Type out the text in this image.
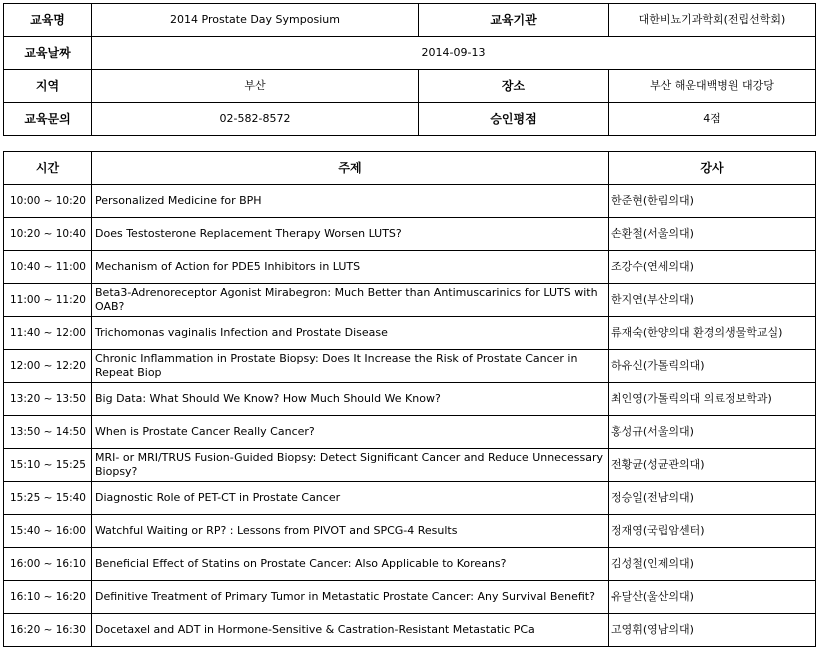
교육명	2014 Prostate Day Symposium	교육기관	대한비뇨기과학회(전립선학회)
교육날짜	2014-09-13		
지역	부산	장소	부산 해운대백병원 대강당
교육문의	02-582-8572	승인평점	4점
시간	주제	강사
10:00 ~ 10:20	Personalized Medicine for BPH	한준현(한림의대)
10:20 ~ 10:40	Does Testosterone Replacement Therapy Worsen LUTS?	손환철(서울의대)
10:40 ~ 11:00	Mechanism of Action for PDE5 Inhibitors in LUTS	조강수(연세의대)
11:00 ~ 11:20	Beta3-Adrenoreceptor Agonist Mirabegron: Much Better than Antimuscarinics for LUTS with OAB?	한지연(부산의대)
11:40 ~ 12:00	Trichomonas vaginalis Infection and Prostate Disease	류재숙(한양의대 환경의생물학교실)
12:00 ~ 12:20	Chronic Inflammation in Prostate Biopsy: Does It Increase the Risk of Prostate Cancer in Repeat Biop	하유신(가톨릭의대)
13:20 ~ 13:50	Big Data: What Should We Know? How Much Should We Know?	최인영(가톨릭의대 의료정보학과)
13:50 ~ 14:50	When is Prostate Cancer Really Cancer?	홍성규(서울의대)
15:10 ~ 15:25	MRI- or MRI/TRUS Fusion-Guided Biopsy: Detect Significant Cancer and Reduce Unnecessary Biopsy?	전황균(성균관의대)
15:25 ~ 15:40	Diagnostic Role of PET-CT in Prostate Cancer	정승일(전남의대)
15:40 ~ 16:00	Watchful Waiting or RP? : Lessons from PIVOT and SPCG-4 Results	정재영(국립암센터)
16:00 ~ 16:10	Beneficial Effect of Statins on Prostate Cancer: Also Applicable to Koreans?	김성철(인제의대)
16:10 ~ 16:20	Definitive Treatment of Primary Tumor in Metastatic Prostate Cancer: Any Survival Benefit?	유달산(울산의대)
16:20 ~ 16:30	Docetaxel and ADT in Hormone-Sensitive & Castration-Resistant Metastatic PCa	고영휘(영남의대)
